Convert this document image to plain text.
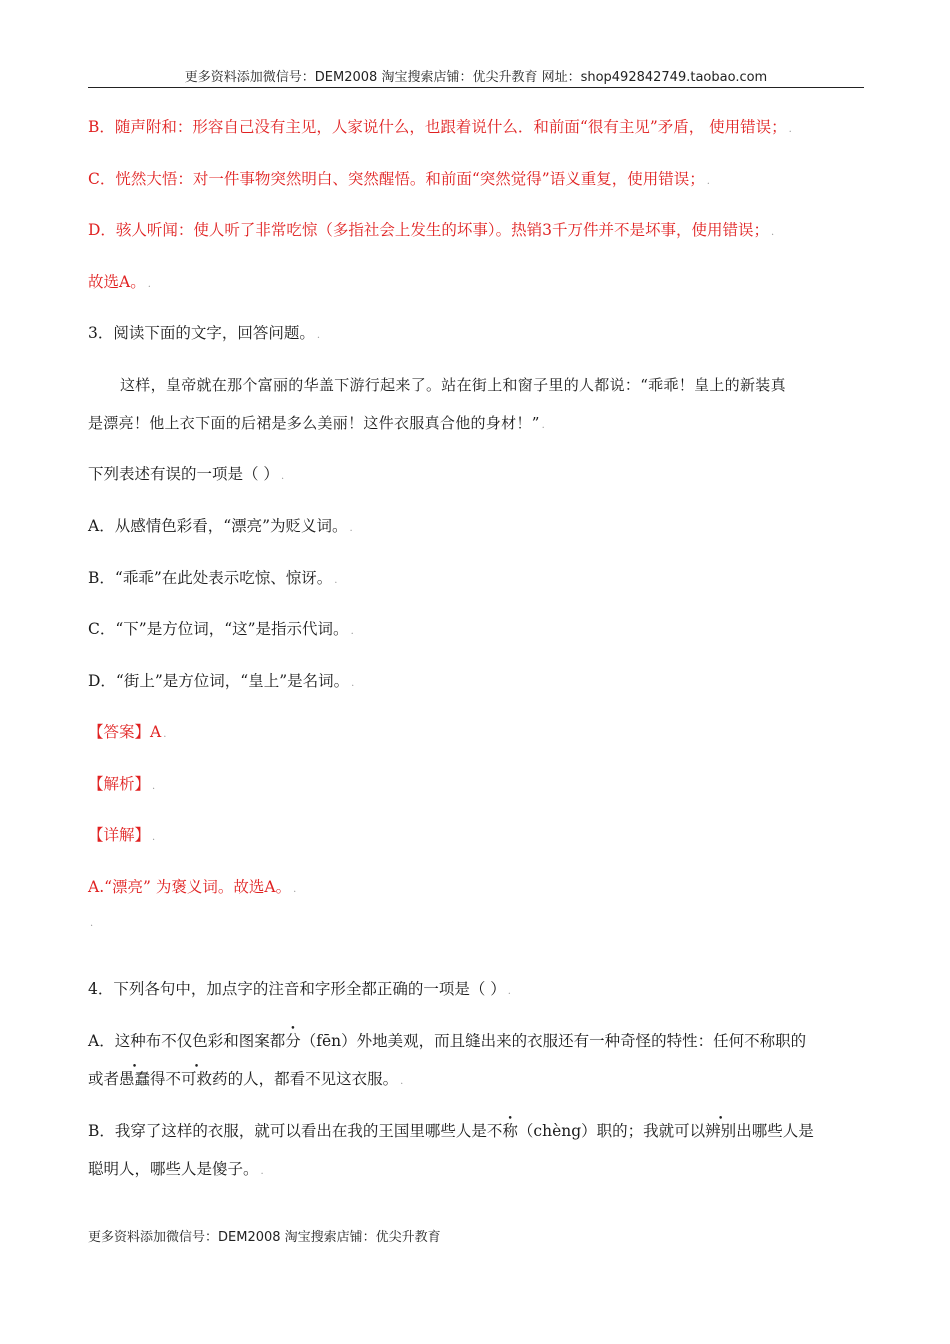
更多资料添加微信号：DEM2008 淘宝搜索店铺：优尖升教育 网址：shop492842749.taobao.com
B．随声附和：形容自己没有主见，人家说什么，也跟着说什么．和前面“很有主见”矛盾， 使用错误； .
C．恍然大悟：对一件事物突然明白、突然醒悟。和前面“突然觉得”语义重复，使用错误； .
D．骇人听闻：使人听了非常吃惊（多指社会上发生的坏事）。热销3千万件并不是坏事，使用错误； .
故选A。 .
3．阅读下面的文字，回答问题。 .
这样，皇帝就在那个富丽的华盖下游行起来了。站在街上和窗子里的人都说：“乖乖！皇上的新装真
是漂亮！他上衣下面的后裙是多么美丽！这件衣服真合他的身材！” .
下列表述有误的一项是（ ） .
A．从感情色彩看，“漂亮”为贬义词。 .
B．“乖乖”在此处表示吃惊、惊讶。 .
C．“下”是方位词，“这”是指示代词。 .
D．“街上”是方位词，“皇上”是名词。 .
【答案】A .
【解析】 .
【详解】 .
A.“漂亮” 为褒义词。故选A。 .
.
4．下列各句中，加点字的注音和字形全都正确的一项是（ ） .
A．这种布不仅色彩和图案都分（fēn）外地美观，而且缝出来的衣服还有一种奇怪的特性：任何不称职的
或者愚蠢得不可救药的人，都看不见这衣服。 .
B．我穿了这样的衣服，就可以看出在我的王国里哪些人是不称（chèng）职的；我就可以辨别出哪些人是
聪明人，哪些人是傻子。 .
更多资料添加微信号：DEM2008 淘宝搜索店铺：优尖升教育
